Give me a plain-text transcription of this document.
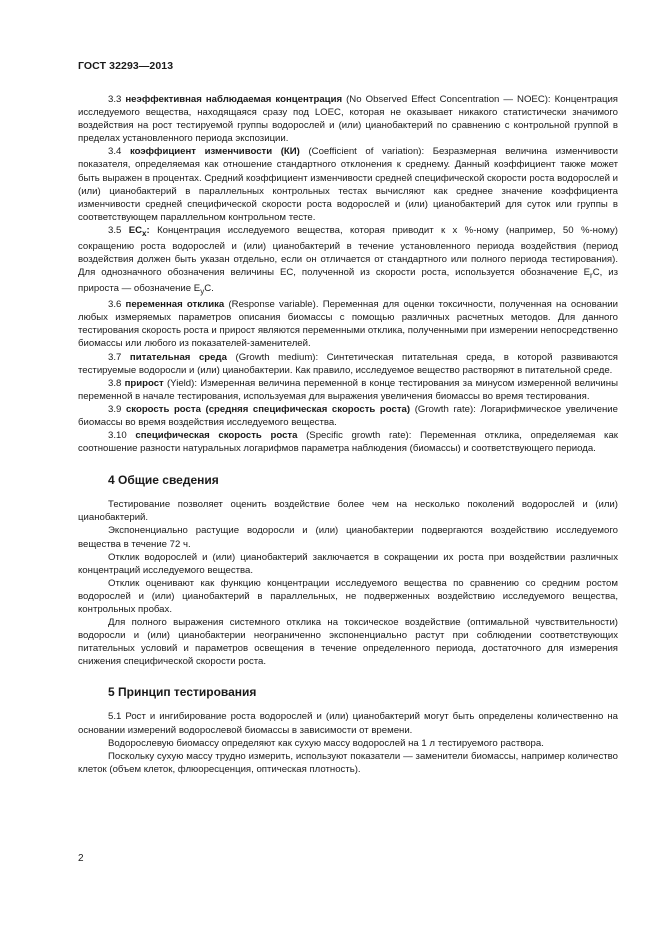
ГОСТ 32293—2013

3.3 неэффективная наблюдаемая концентрация (No Observed Effect Concentration — NOEC): Концентрация исследуемого вещества, находящаяся сразу под LOEC, которая не оказывает никакого статистически значимого воздействия на рост тестируемой группы водорослей и (или) цианобактерий по сравнению с контрольной группой в пределах установленного периода экспозиции.

3.4 коэффициент изменчивости (КИ) (Coefficient of variation): Безразмерная величина изменчивости показателя, определяемая как отношение стандартного отклонения к среднему. Данный коэффициент также может быть выражен в процентах. Средний коэффициент изменчивости средней специфической скорости роста водорослей и (или) цианобактерий в параллельных контрольных тестах вычисляют как среднее значение коэффициента изменчивости средней специфической скорости роста водорослей и (или) цианобактерий для суток или группы в соответствующем параллельном контрольном тесте.

3.5 $EC_x$: Концентрация исследуемого вещества, которая приводит к x %-ному (например, 50 %-ному) сокращению роста водорослей и (или) цианобактерий в течение установленного периода воздействия (период воздействия должен быть указан отдельно, если он отличается от стандартного или полного периода тестирования). Для однозначного обозначения величины EC, полученной из скорости роста, используется обозначение $E_rC$, из прироста — обозначение $E_yC$.

3.6 переменная отклика (Response variable). Переменная для оценки токсичности, полученная на основании любых измеряемых параметров описания биомассы с помощью различных расчетных методов. Для данного тестирования скорость роста и прирост являются переменными отклика, полученными при измерении непосредственно биомассы или любого из показателей-заменителей.

3.7 питательная среда (Growth medium): Синтетическая питательная среда, в которой развиваются тестируемые водоросли и (или) цианобактерии. Как правило, исследуемое вещество растворяют в питательной среде.

3.8 прирост (Yield): Измеренная величина переменной в конце тестирования за минусом измеренной величины переменной в начале тестирования, используемая для выражения увеличения биомассы во время тестирования.

3.9 скорость роста (средняя специфическая скорость роста) (Growth rate): Логарифмическое увеличение биомассы во время воздействия исследуемого вещества.

3.10 специфическая скорость роста (Specific growth rate): Переменная отклика, определяемая как соотношение разности натуральных логарифмов параметра наблюдения (биомассы) и соответствующего периода.

4 Общие сведения

Тестирование позволяет оценить воздействие более чем на несколько поколений водорослей и (или) цианобактерий.

Экспоненциально растущие водоросли и (или) цианобактерии подвергаются воздействию исследуемого вещества в течение 72 ч.

Отклик водорослей и (или) цианобактерий заключается в сокращении их роста при воздействии различных концентраций исследуемого вещества.

Отклик оценивают как функцию концентрации исследуемого вещества по сравнению со средним ростом водорослей и (или) цианобактерий в параллельных, не подверженных воздействию исследуемого вещества, контрольных пробах.

Для полного выражения системного отклика на токсическое воздействие (оптимальной чувствительности) водоросли и (или) цианобактерии неограниченно экспоненциально растут при соблюдении соответствующих питательных условий и параметров освещения в течение определенного периода, достаточного для измерения снижения специфической скорости роста.

5 Принцип тестирования

5.1 Рост и ингибирование роста водорослей и (или) цианобактерий могут быть определены количественно на основании измерений водорослевой биомассы в зависимости от времени.

Водорослевую биомассу определяют как сухую массу водорослей на 1 л тестируемого раствора.

Поскольку сухую массу трудно измерить, используют показатели — заменители биомассы, например количество клеток (объем клеток, флюоресценция, оптическая плотность).

2
